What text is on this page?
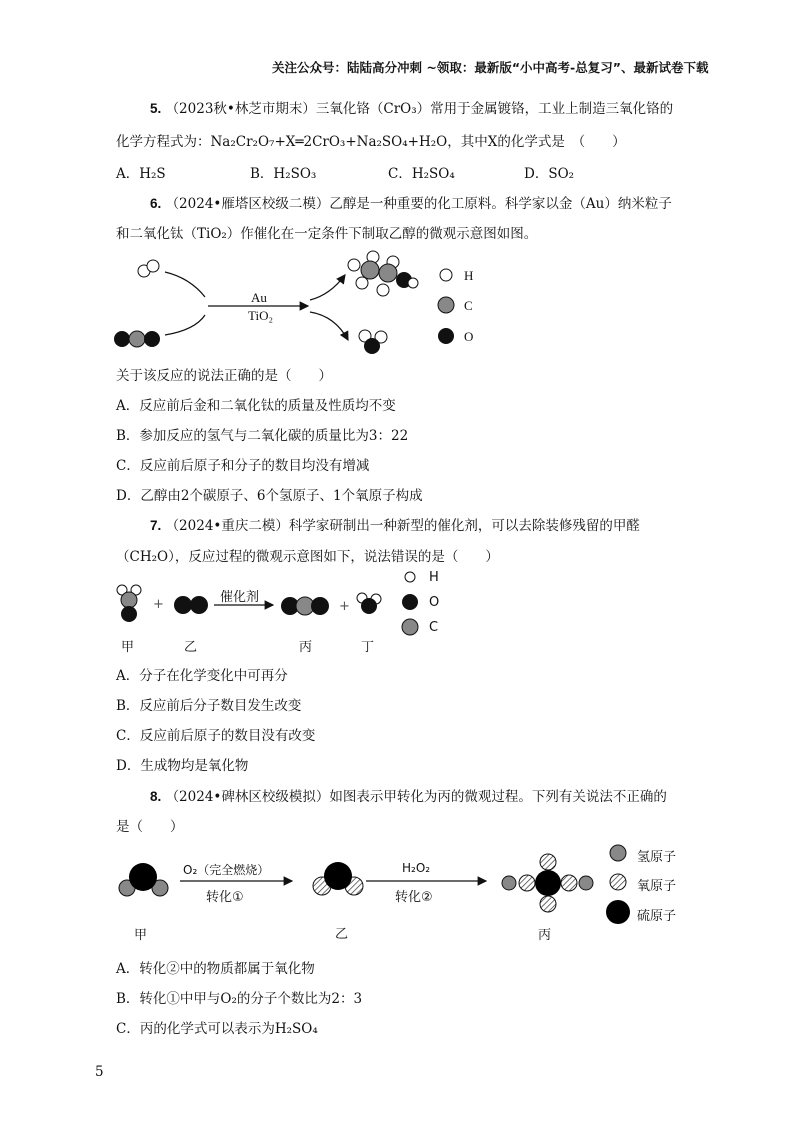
关注公众号：陆陆高分冲刺 ~领取：最新版“小中高考-总复习”、最新试卷下载
5. （2023秋•林芝市期末）三氧化铬（CrO₃）常用于金属镀铬，工业上制造三氧化铬的
化学方程式为：Na₂Cr₂O₇+X═2CrO₃+Na₂SO₄+H₂O，其中X的化学式是　（　　）
A．H₂S	B．H₂SO₃	C．H₂SO₄	D．SO₂
6. （2024•雁塔区校级二模）乙醇是一种重要的化工原料。科学家以金（Au）纳米粒子
和二氧化钛（TiO₂）作催化在一定条件下制取乙醇的微观示意图如图。
Au
TiO₂
H
C
O
关于该反应的说法正确的是（　　）
A．反应前后金和二氧化钛的质量及性质均不变
B．参加反应的氢气与二氧化碳的质量比为3：22
C．反应前后原子和分子的数目均没有增减
D．乙醇由2个碳原子、6个氢原子、1个氧原子构成
7. （2024•重庆二模）科学家研制出一种新型的催化剂，可以去除装修残留的甲醛
（CH₂O），反应过程的微观示意图如下，说法错误的是（　　）
+	+
催化剂
甲	乙	丙	丁
H
O
C
A．分子在化学变化中可再分
B．反应前后分子数目发生改变
C．反应前后原子的数目没有改变
D．生成物均是氧化物
8. （2024•碑林区校级模拟）如图表示甲转化为丙的微观过程。下列有关说法不正确的
是（　　）
O₂（完全燃烧）
转化①
H₂O₂
转化②
甲	乙	丙
氢原子
氧原子
硫原子
A．转化②中的物质都属于氧化物
B．转化①中甲与O₂的分子个数比为2：3
C．丙的化学式可以表示为H₂SO₄
5
